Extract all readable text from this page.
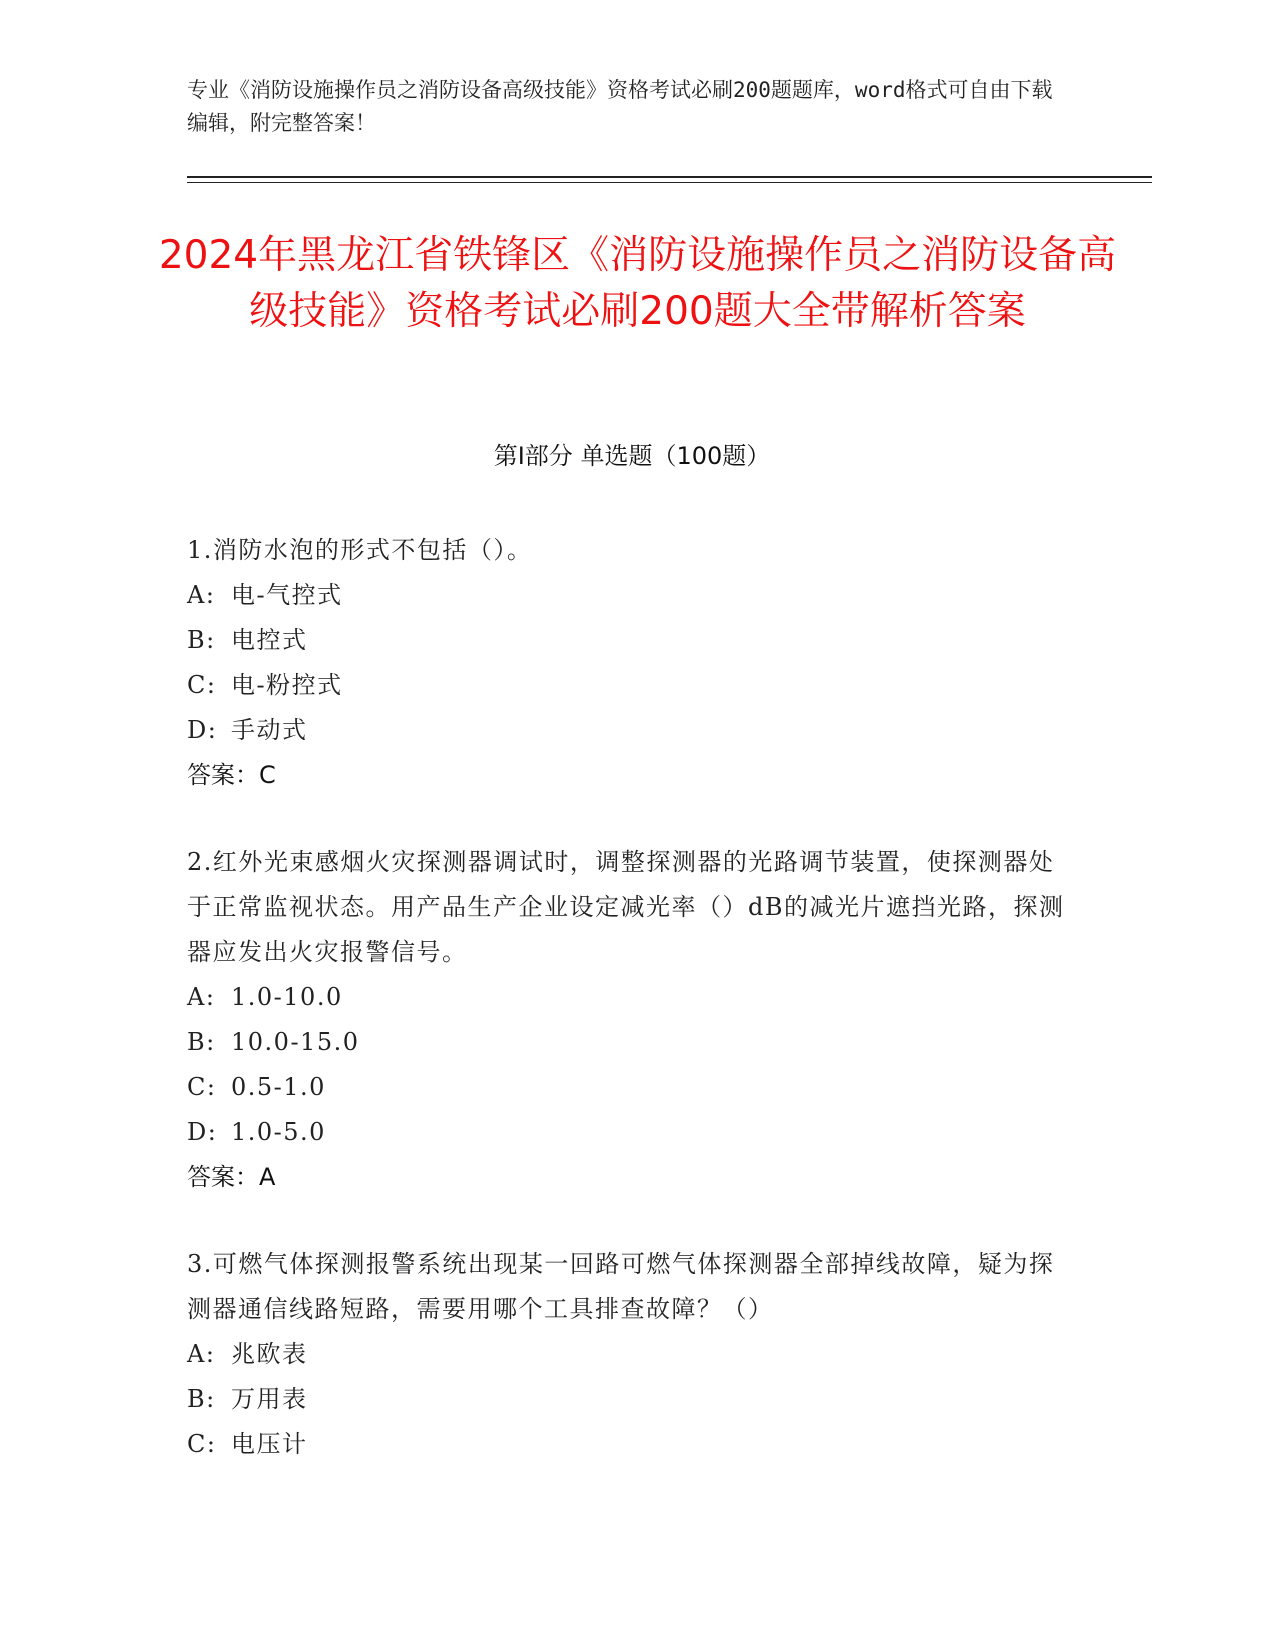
专业《消防设施操作员之消防设备高级技能》资格考试必刷200题题库，word格式可自由下载编辑，附完整答案！
2024年黑龙江省铁锋区《消防设施操作员之消防设备高级技能》资格考试必刷200题大全带解析答案
第Ⅰ部分 单选题（100题）
1.消防水泡的形式不包括（）。
A: 电-气控式
B: 电控式
C: 电-粉控式
D: 手动式
答案：C
2.红外光束感烟火灾探测器调试时，调整探测器的光路调节装置，使探测器处于正常监视状态。用产品生产企业设定减光率（）dB的减光片遮挡光路，探测器应发出火灾报警信号。
A: 1.0-10.0
B: 10.0-15.0
C: 0.5-1.0
D: 1.0-5.0
答案：A
3.可燃气体探测报警系统出现某一回路可燃气体探测器全部掉线故障，疑为探测器通信线路短路，需要用哪个工具排查故障？（）
A: 兆欧表
B: 万用表
C: 电压计
